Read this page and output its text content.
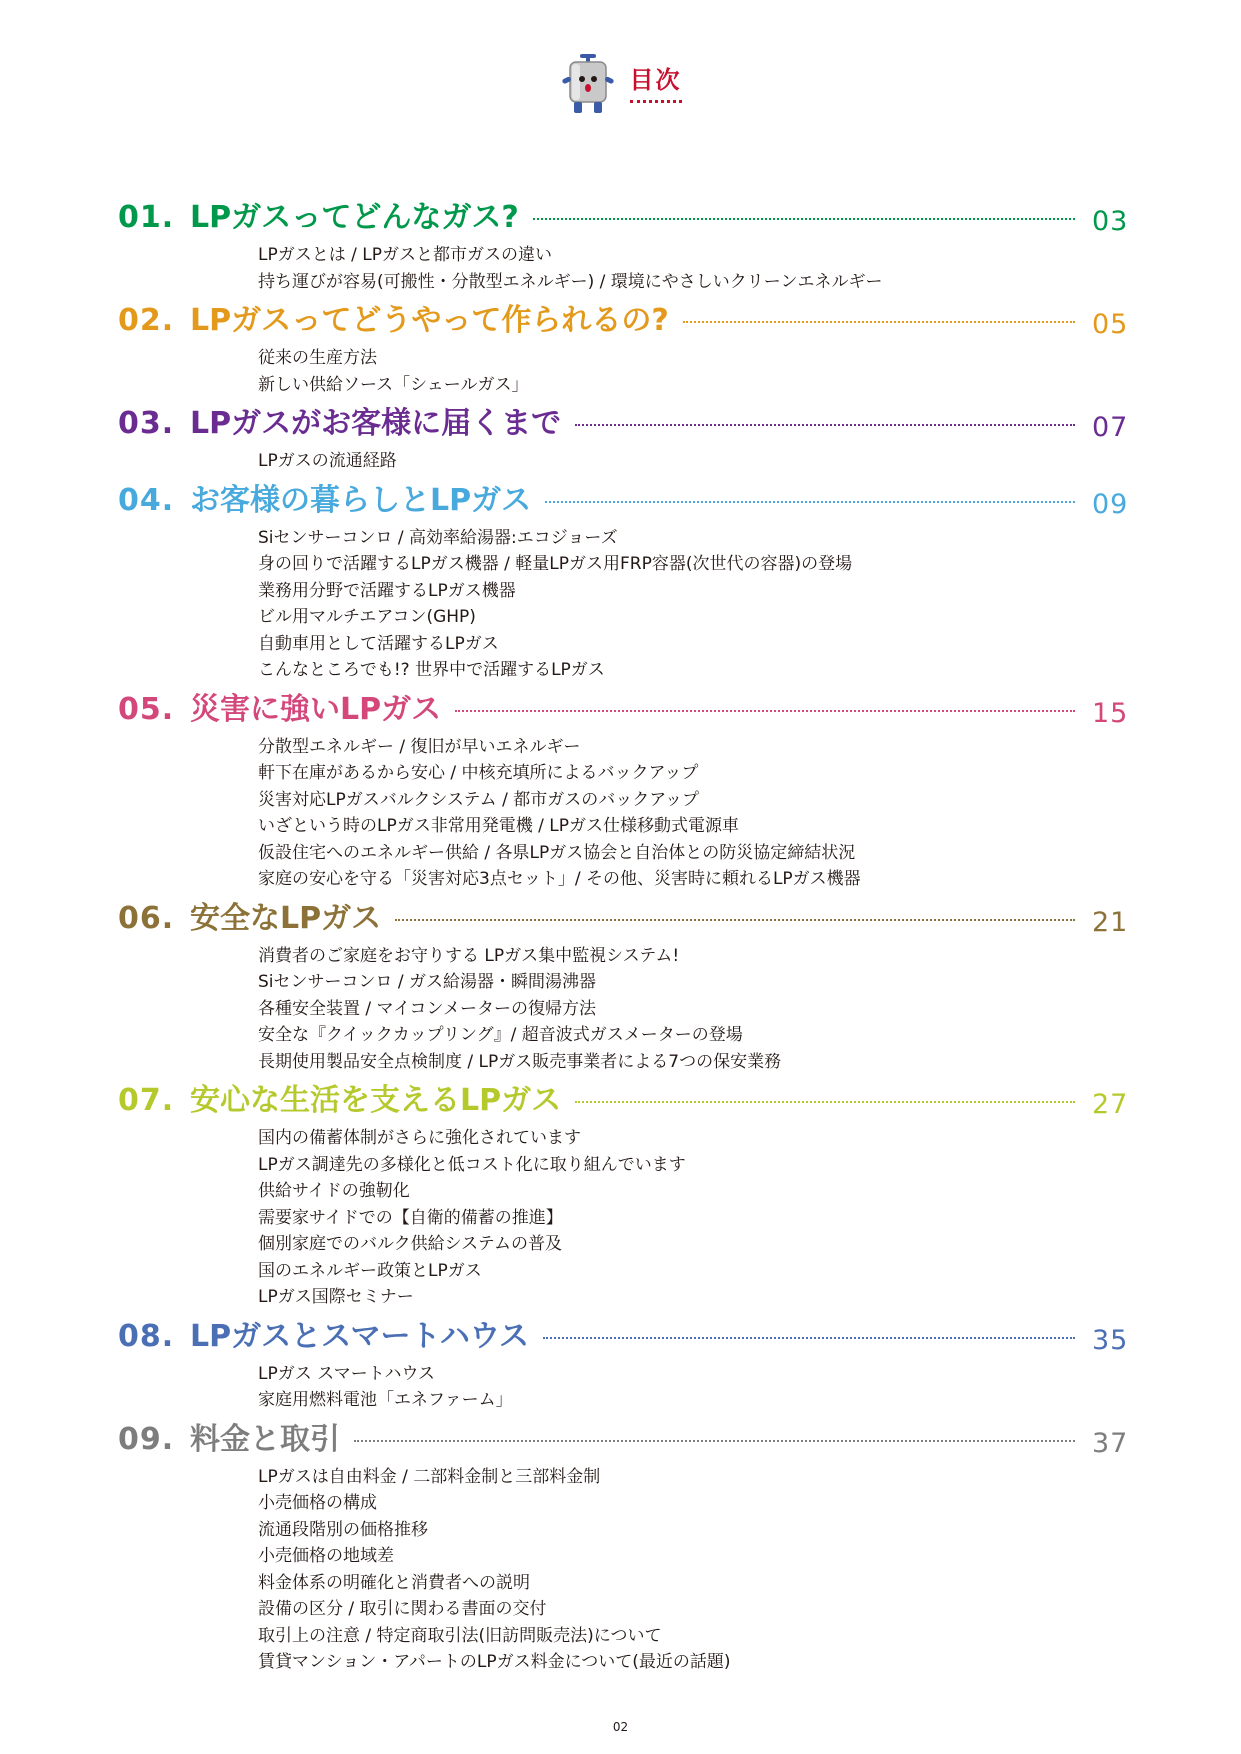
目次
01. LPガスってどんなガス?	03
LPガスとは / LPガスと都市ガスの違い
持ち運びが容易(可搬性・分散型エネルギー) / 環境にやさしいクリーンエネルギー
02. LPガスってどうやって作られるの?	05
従来の生産方法
新しい供給ソース「シェールガス」
03. LPガスがお客様に届くまで	07
LPガスの流通経路
04. お客様の暮らしとLPガス	09
Siセンサーコンロ / 高効率給湯器:エコジョーズ
身の回りで活躍するLPガス機器 / 軽量LPガス用FRP容器(次世代の容器)の登場
業務用分野で活躍するLPガス機器
ビル用マルチエアコン(GHP)
自動車用として活躍するLPガス
こんなところでも!? 世界中で活躍するLPガス
05. 災害に強いLPガス	15
分散型エネルギー / 復旧が早いエネルギー
軒下在庫があるから安心 / 中核充填所によるバックアップ
災害対応LPガスバルクシステム / 都市ガスのバックアップ
いざという時のLPガス非常用発電機 / LPガス仕様移動式電源車
仮設住宅へのエネルギー供給 / 各県LPガス協会と自治体との防災協定締結状況
家庭の安心を守る「災害対応3点セット」/ その他、災害時に頼れるLPガス機器
06. 安全なLPガス	21
消費者のご家庭をお守りする LPガス集中監視システム!
Siセンサーコンロ / ガス給湯器・瞬間湯沸器
各種安全装置 / マイコンメーターの復帰方法
安全な『クイックカップリング』/ 超音波式ガスメーターの登場
長期使用製品安全点検制度 / LPガス販売事業者による7つの保安業務
07. 安心な生活を支えるLPガス	27
国内の備蓄体制がさらに強化されています
LPガス調達先の多様化と低コスト化に取り組んでいます
供給サイドの強靭化
需要家サイドでの【自衛的備蓄の推進】
個別家庭でのバルク供給システムの普及
国のエネルギー政策とLPガス
LPガス国際セミナー
08. LPガスとスマートハウス	35
LPガス スマートハウス
家庭用燃料電池「エネファーム」
09. 料金と取引	37
LPガスは自由料金 / 二部料金制と三部料金制
小売価格の構成
流通段階別の価格推移
小売価格の地域差
料金体系の明確化と消費者への説明
設備の区分 / 取引に関わる書面の交付
取引上の注意 / 特定商取引法(旧訪問販売法)について
賃貸マンション・アパートのLPガス料金について(最近の話題)
02
